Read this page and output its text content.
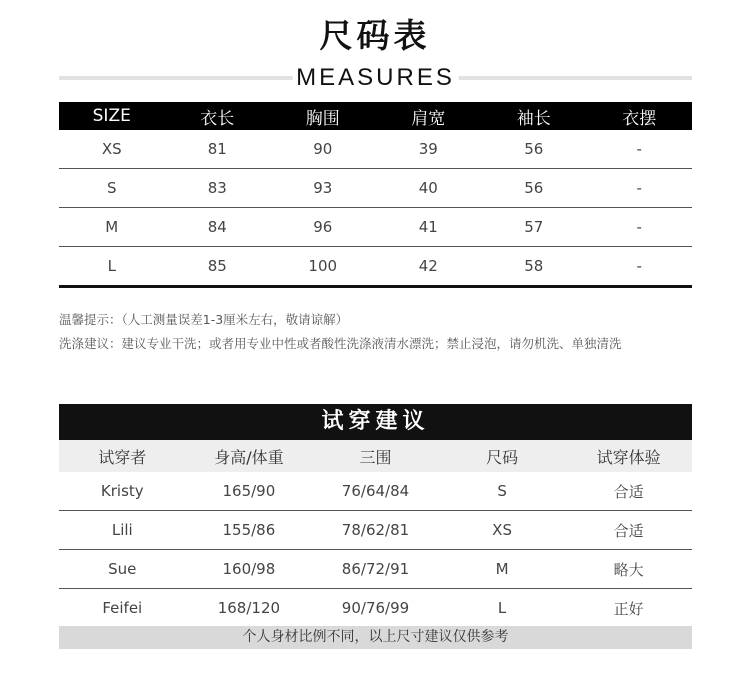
尺码表
MEASURES
SIZE	衣长	胸围	肩宽	袖长	衣摆
XS	81	90	39	56	-
S	83	93	40	56	-
M	84	96	41	57	-
L	85	100	42	58	-
温馨提示：（人工测量误差1-3厘米左右，敬请谅解）
洗涤建议：建议专业干洗；或者用专业中性或者酸性洗涤液清水漂洗；禁止浸泡，请勿机洗、单独清洗
试穿建议
试穿者	身高/体重	三围	尺码	试穿体验
Kristy	165/90	76/64/84	S	合适
Lili	155/86	78/62/81	XS	合适
Sue	160/98	86/72/91	M	略大
Feifei	168/120	90/76/99	L	正好
个人身材比例不同，以上尺寸建议仅供参考
